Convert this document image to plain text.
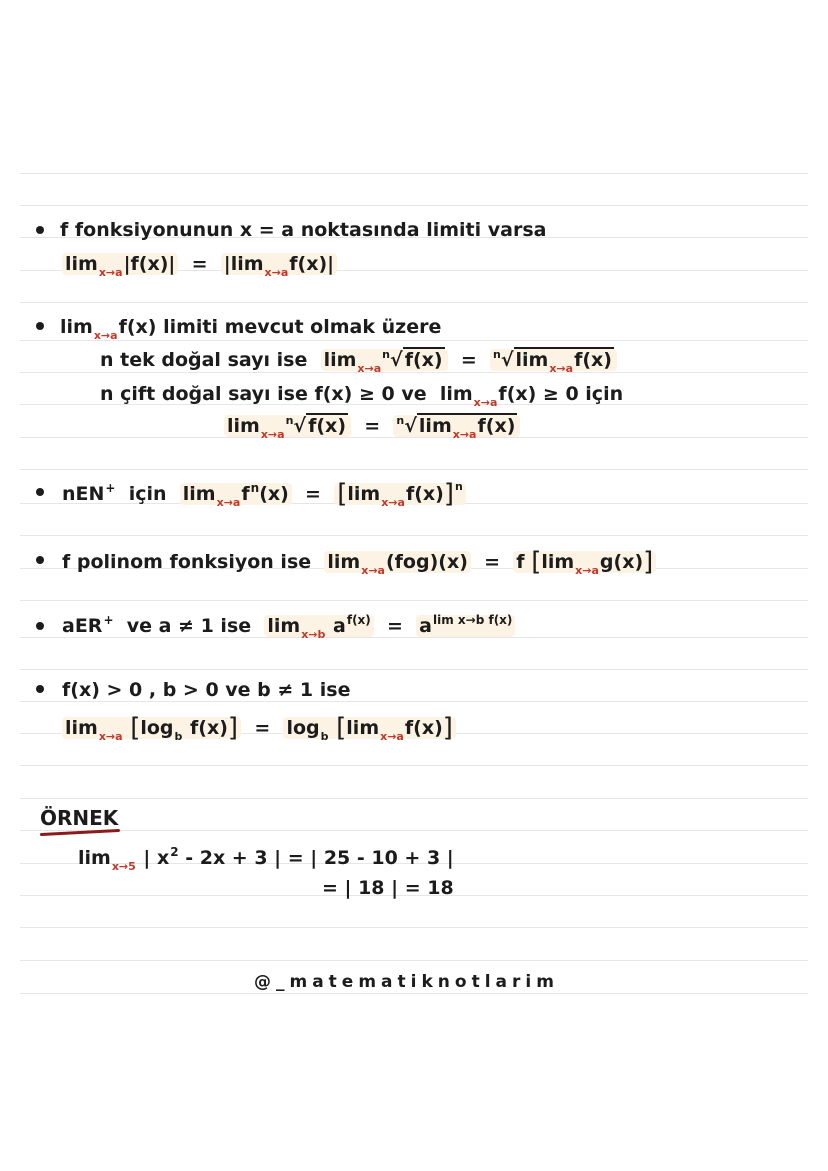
f fonksiyonunun x = a noktasında limiti varsa
$\lim_{x\to a}|f(x)| = |\lim_{x\to a}f(x)|$
$\lim_{x\to a}f(x)$ limiti mevcut olmak üzere
n tek doğal sayı ise $\lim_{x\to a}^n√$ f(x) = $^n$√ $\lim_{x\to a}f(x)$
n çift doğal sayı ise f(x) ≥ 0 ve $\lim_{x\to a}f(x) \ge 0$ için
$\lim_{x\to a}^n√$ f(x) = $^n$√ $\lim_{x\to a}f(x)$
nEN+ için $\lim_{x\to a}f^n(x) = [\lim_{x\to a}f(x)]^n$
f polinom fonksiyon ise $\lim_{x\to a}(fog)(x) = f$ $[\lim_{x\to a}g(x)]$
aER+ ve a ≠ 1 ise $\lim_{x\to b} a^{f(x)} = a^{lim x\to b f(x)}$
f(x) > 0 , b > 0 ve b ≠ 1 ise
$\lim_{x\to a} [\log_b$ $f(x)] = \log_b [\lim_{x\to a}f(x)]$
ÖRNEK
$\lim_{x\to 5}$ | $x^2 - 2x + 3$ | = | 25 - 10 + 3 |
= | 18 | = 18
@_matematiknotlarim
